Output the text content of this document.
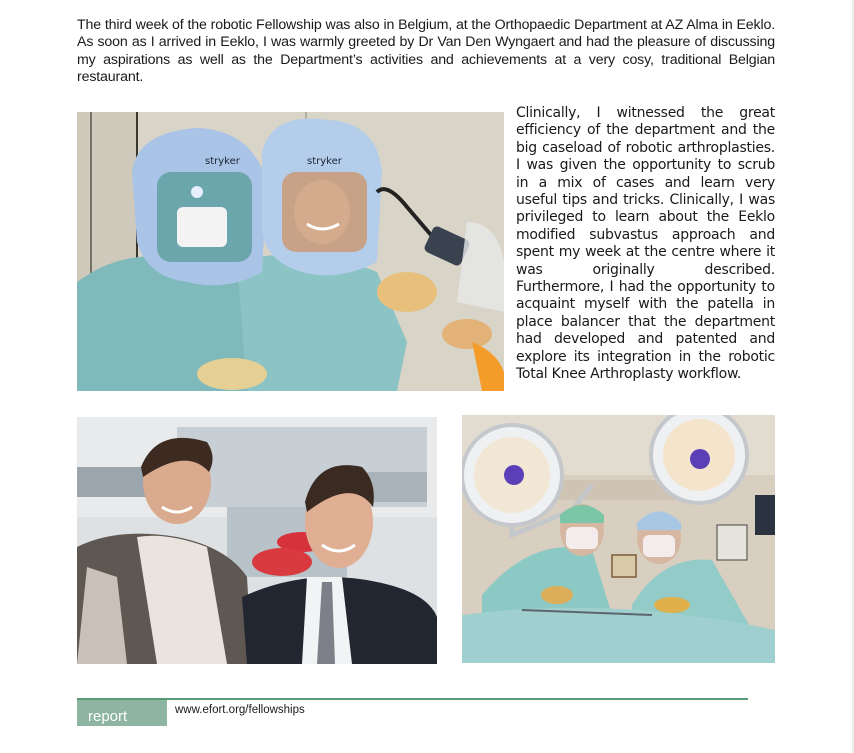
The third week of the robotic Fellowship was also in Belgium, at the Orthopaedic Department at AZ Alma in Eeklo. As soon as I arrived in Eeklo, I was warmly greeted by Dr Van Den Wyngaert and had the pleasure of discussing my aspirations as well as the Department’s activities and achievements at a very cosy, traditional Belgian restaurant.

stryker	stryker

Clinically, I witnessed the great efficiency of the department and the big caseload of robotic arthroplasties. I was given the opportunity to scrub in a mix of cases and learn very useful tips and tricks. Clinically, I was privileged to learn about the Eeklo modified subvastus approach and spent my week at the centre where it was originally described. Furthermore, I had the opportunity to acquaint myself with the patella in place balancer that the department had developed and patented and explore its integration in the robotic Total Knee Arthroplasty workflow.

report	www.efort.org/fellowships
